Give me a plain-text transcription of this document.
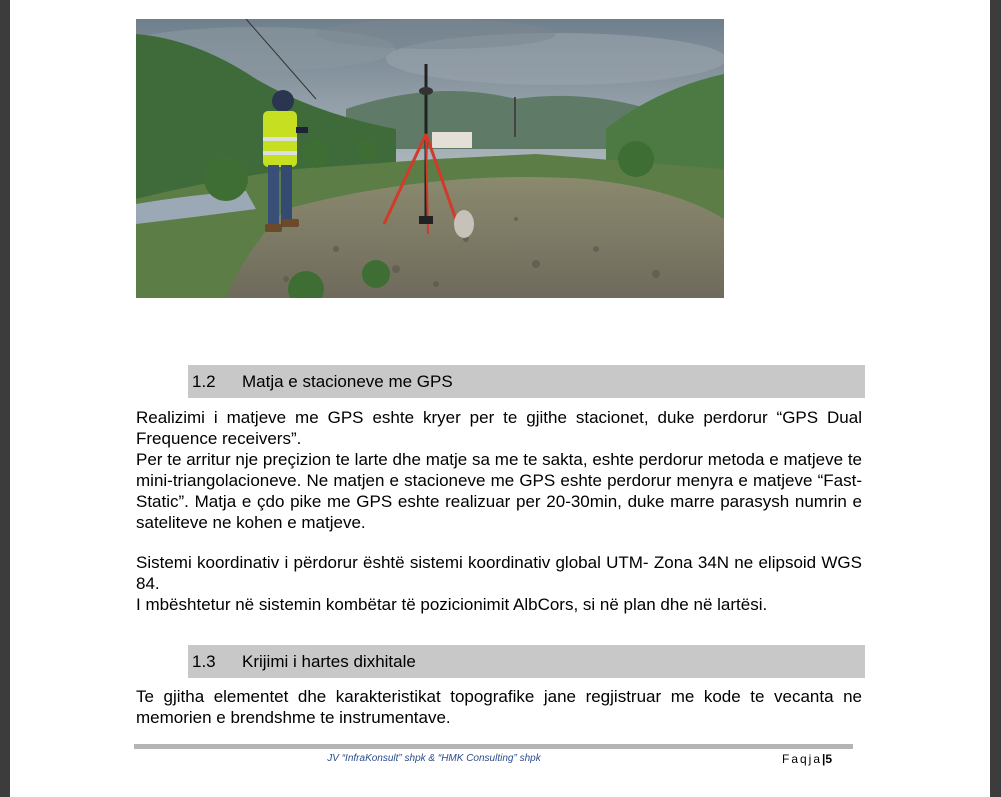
1.2 Matja e stacioneve me GPS

Realizimi i matjeve me GPS eshte kryer per te gjithe stacionet, duke perdorur “GPS Dual Frequence receivers”.

Per te arritur nje preçizion te larte dhe matje sa me te sakta, eshte perdorur metoda e matjeve te mini-triangolacioneve. Ne matjen e stacioneve me GPS eshte perdorur menyra e matjeve “Fast-Static”. Matja e çdo pike me GPS eshte realizuar per 20-30min, duke marre parasysh numrin e sateliteve ne kohen e matjeve.

Sistemi koordinativ i përdorur është sistemi koordinativ global UTM- Zona 34N ne elipsoid WGS 84.

I mbështetur në sistemin kombëtar të pozicionimit AlbCors, si në plan dhe në lartësi.

1.3 Krijimi i hartes dixhitale

Te gjitha elementet dhe karakteristikat topografike jane regjistruar me kode te vecanta ne memorien e brendshme te instrumentave.

JV “InfraKonsult” shpk & “HMK Consulting” shpk	Faqja|5
